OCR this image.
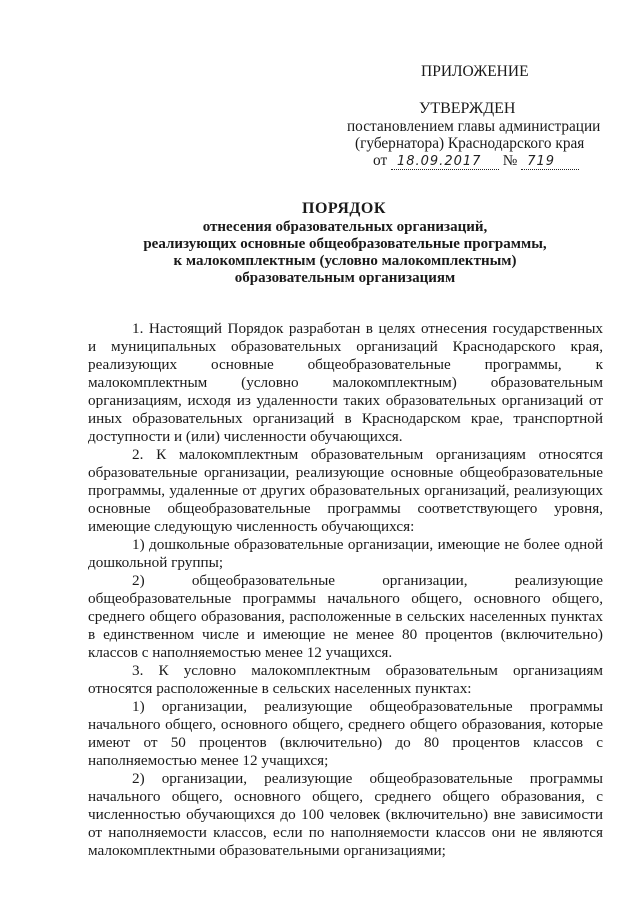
ПРИЛОЖЕНИЕ
УТВЕРЖДЕН
постановлением главы администрации
(губернатора) Краснодарского края
от 18.09.2017 № 719
ПОРЯДОК
отнесения образовательных организаций,
реализующих основные общеобразовательные программы,
к малокомплектным (условно малокомплектным)
образовательным организациям

1. Настоящий Порядок разработан в целях отнесения государственных и муниципальных образовательных организаций Краснодарского края, реализующих основные общеобразовательные программы, к малокомплектным (условно малокомплектным) образовательным организациям, исходя из удаленности таких образовательных организаций от иных образовательных организаций в Краснодарском крае, транспортной доступности и (или) численности обучающихся.

2. К малокомплектным образовательным организациям относятся образовательные организации, реализующие основные общеобразовательные программы, удаленные от других образовательных организаций, реализующих основные общеобразовательные программы соответствующего уровня, имеющие следующую численность обучающихся:

1) дошкольные образовательные организации, имеющие не более одной дошкольной группы;

2) общеобразовательные организации, реализующие общеобразовательные программы начального общего, основного общего, среднего общего образования, расположенные в сельских населенных пунктах в единственном числе и имеющие не менее 80 процентов (включительно) классов с наполняемостью менее 12 учащихся.

3. К условно малокомплектным образовательным организациям относятся расположенные в сельских населенных пунктах:

1) организации, реализующие общеобразовательные программы начального общего, основного общего, среднего общего образования, которые имеют от 50 процентов (включительно) до 80 процентов классов с наполняемостью менее 12 учащихся;

2) организации, реализующие общеобразовательные программы начального общего, основного общего, среднего общего образования, с численностью обучающихся до 100 человек (включительно) вне зависимости от наполняемости классов, если по наполняемости классов они не являются малокомплектными образовательными организациями;
